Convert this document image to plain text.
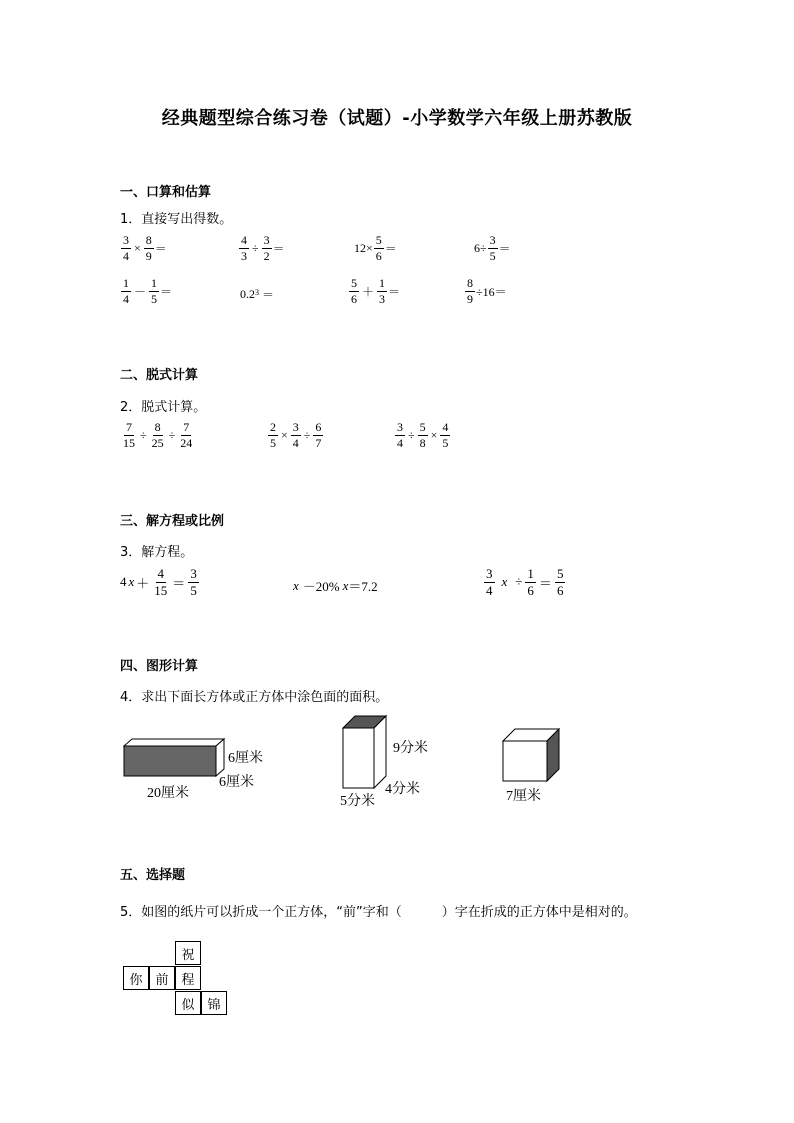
经典题型综合练习卷（试题）-小学数学六年级上册苏教版
一、口算和估算
1．直接写出得数。
$\frac{3}{4} \times \frac{8}{9}$ ＝	$\frac{4}{3} \div \frac{3}{2}$ ＝	$12\times \frac{5}{6}$ ＝	$6\div \frac{3}{5}$ ＝
$\frac{1}{4} - \frac{1}{5}$ ＝	$0.2^3$ ＝	$\frac{5}{6} + \frac{1}{3}$ ＝	$\frac{8}{9} \div 16=$
二、脱式计算
2．脱式计算。
$\frac{7}{15} \div \frac{8}{25} \div \frac{7}{24}$	$\frac{2}{5} \times \frac{3}{4} \div \frac{6}{7}$	$\frac{3}{4} \div \frac{5}{8} \times \frac{4}{5}$
三、解方程或比例
3．解方程。
4 $x + \frac{4}{15} = \frac{3}{5}$	x －20% x ＝7.2	$\frac{3}{4}$ $x \div \frac{1}{6} = \frac{5}{6}$
四、图形计算
4．求出下面长方体或正方体中涂色面的面积。
6厘米
6厘米
20厘米
9分米
4分米
5分米	7厘米
五、选择题
5．如图的纸片可以折成一个正方体，“前”字和（	）字在折成的正方体中是相对的。
祝
你 前 程
似 锦
